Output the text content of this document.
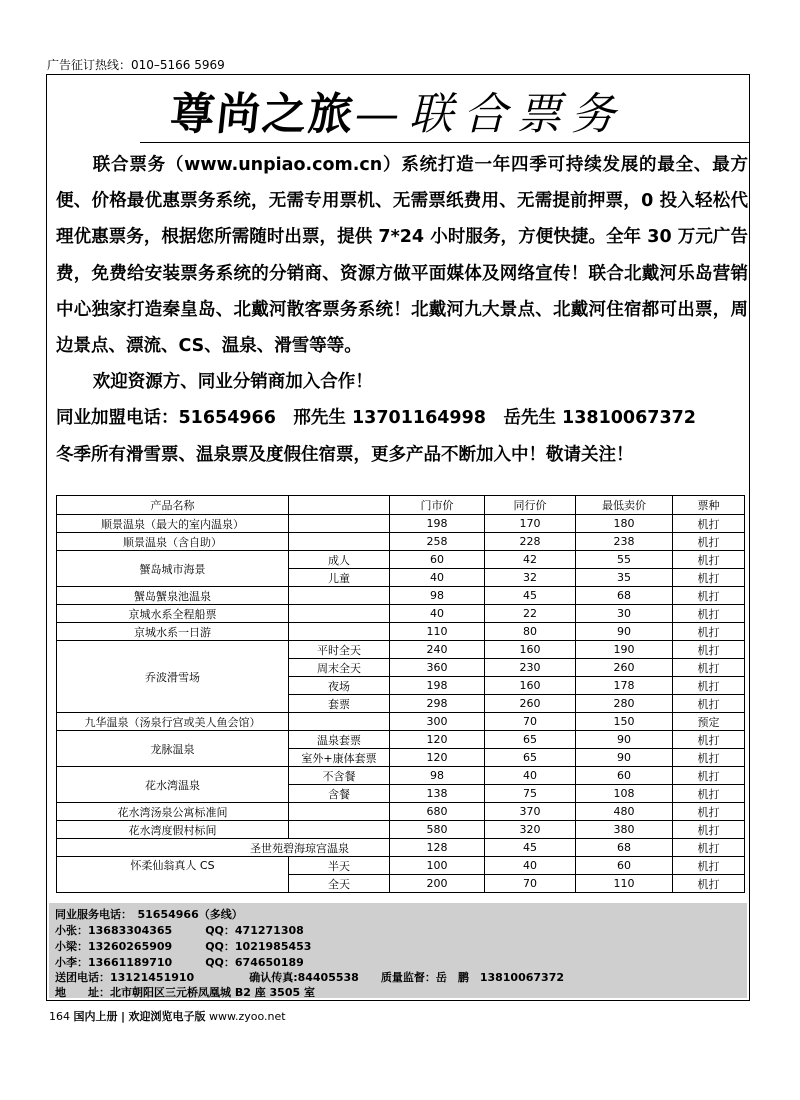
广告征订热线：010–5166 5969
尊尚之旅—联合票务

联合票务（www.unpiao.com.cn）系统打造一年四季可持续发展的最全、最方便、价格最优惠票务系统，无需专用票机、无需票纸费用、无需提前押票，0 投入轻松代理优惠票务，根据您所需随时出票，提供 7*24 小时服务，方便快捷。全年 30 万元广告费，免费给安装票务系统的分销商、资源方做平面媒体及网络宣传！联合北戴河乐岛营销中心独家打造秦皇岛、北戴河散客票务系统！北戴河九大景点、北戴河住宿都可出票，周边景点、漂流、CS、温泉、滑雪等等。

欢迎资源方、同业分销商加入合作！

同业加盟电话：51654966　邢先生 13701164998　岳先生 13810067372

冬季所有滑雪票、温泉票及度假住宿票，更多产品不断加入中！敬请关注！

产品名称		门市价	同行价	最低卖价	票种
顺景温泉（最大的室内温泉）		198	170	180	机打
顺景温泉（含自助）		258	228	238	机打
蟹岛城市海景	成人	60	42	55	机打
	儿童	40	32	35	机打
蟹岛蟹泉池温泉		98	45	68	机打
京城水系全程船票		40	22	30	机打
京城水系一日游		110	80	90	机打
乔波滑雪场	平时全天	240	160	190	机打
	周末全天	360	230	260	机打
	夜场	198	160	178	机打
	套票	298	260	280	机打
九华温泉（汤泉行宫或美人鱼会馆）		300	70	150	预定
龙脉温泉	温泉套票	120	65	90	机打
	室外+康体套票	120	65	90	机打
花水湾温泉	不含餐	98	40	60	机打
	含餐	138	75	108	机打
花水湾汤泉公寓标准间		680	370	480	机打
花水湾度假村标间		580	320	380	机打
圣世苑碧海琼宫温泉		128	45	68	机打
怀柔仙翁真人 CS	半天	100	40	60	机打
	全天	200	70	110	机打
同业服务电话：　51654966（多线）
小张：13683304365　　　QQ：471271308
小梁：13260265909　　　QQ：1021985453
小李：13661189710　　　QQ：674650189
送团电话：13121451910　　　　　确认传真:84405538　　质量监督：岳　鹏　13810067372
地　　址：北市朝阳区三元桥凤凰城 B2 座 3505 室
164 国内上册 | 欢迎浏览电子版 www.zyoo.net
